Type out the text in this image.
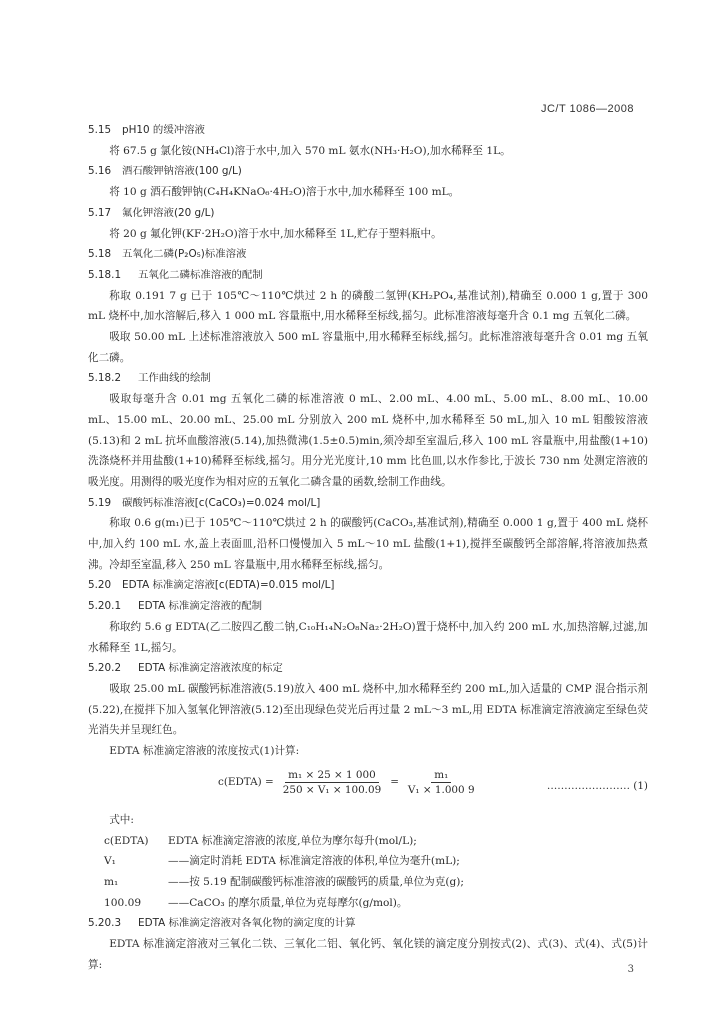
JC/T 1086—2008

5.15 pH10 的缓冲溶液

将 67.5 g 氯化铵(NH₄Cl)溶于水中,加入 570 mL 氨水(NH₃·H₂O),加水稀释至 1L。

5.16 酒石酸钾钠溶液(100 g/L)

将 10 g 酒石酸钾钠(C₄H₄KNaO₆·4H₂O)溶于水中,加水稀释至 100 mL。

5.17 氟化钾溶液(20 g/L)

将 20 g 氟化钾(KF·2H₂O)溶于水中,加水稀释至 1L,贮存于塑料瓶中。

5.18 五氧化二磷(P₂O₅)标准溶液

5.18.1 五氧化二磷标准溶液的配制

称取 0.191 7 g 已于 105℃～110℃烘过 2 h 的磷酸二氢钾(KH₂PO₄,基准试剂),精确至 0.000 1 g,置于 300 mL 烧杯中,加水溶解后,移入 1 000 mL 容量瓶中,用水稀释至标线,摇匀。此标准溶液每毫升含 0.1 mg 五氧化二磷。

吸取 50.00 mL 上述标准溶液放入 500 mL 容量瓶中,用水稀释至标线,摇匀。此标准溶液每毫升含 0.01 mg 五氧化二磷。

5.18.2 工作曲线的绘制

吸取每毫升含 0.01 mg 五氧化二磷的标准溶液 0 mL、2.00 mL、4.00 mL、5.00 mL、8.00 mL、10.00 mL、15.00 mL、20.00 mL、25.00 mL 分别放入 200 mL 烧杯中,加水稀释至 50 mL,加入 10 mL 钼酸铵溶液(5.13)和 2 mL 抗坏血酸溶液(5.14),加热微沸(1.5±0.5)min,须冷却至室温后,移入 100 mL 容量瓶中,用盐酸(1+10)洗涤烧杯并用盐酸(1+10)稀释至标线,摇匀。用分光光度计,10 mm 比色皿,以水作参比,于波长 730 nm 处测定溶液的吸光度。用测得的吸光度作为相对应的五氧化二磷含量的函数,绘制工作曲线。

5.19 碳酸钙标准溶液[c(CaCO₃)=0.024 mol/L]

称取 0.6 g(m₁)已于 105℃～110℃烘过 2 h 的碳酸钙(CaCO₃,基准试剂),精确至 0.000 1 g,置于 400 mL 烧杯中,加入约 100 mL 水,盖上表面皿,沿杯口慢慢加入 5 mL～10 mL 盐酸(1+1),搅拌至碳酸钙全部溶解,将溶液加热煮沸。冷却至室温,移入 250 mL 容量瓶中,用水稀释至标线,摇匀。

5.20 EDTA 标准滴定溶液[c(EDTA)=0.015 mol/L]

5.20.1 EDTA 标准滴定溶液的配制

称取约 5.6 g EDTA(乙二胺四乙酸二钠,C₁₀H₁₄N₂O₈Na₂·2H₂O)置于烧杯中,加入约 200 mL 水,加热溶解,过滤,加水稀释至 1L,摇匀。

5.20.2 EDTA 标准滴定溶液浓度的标定

吸取 25.00 mL 碳酸钙标准溶液(5.19)放入 400 mL 烧杯中,加水稀释至约 200 mL,加入适量的 CMP 混合指示剂(5.22),在搅拌下加入氢氧化钾溶液(5.12)至出现绿色荧光后再过量 2 mL～3 mL,用 EDTA 标准滴定溶液滴定至绿色荧光消失并呈现红色。

EDTA 标准滴定溶液的浓度按式(1)计算:

c(EDTA) = $\frac{\text{m₁ × 25 × 1 000}}{\text{250 × V₁ × 100.09}} = \frac{\text{m₁}}{\text{V₁ × 1.000 9}}$	…………………… (1)

式中:

c(EDTA)	EDTA 标准滴定溶液的浓度,单位为摩尔每升(mol/L);
V₁	——滴定时消耗 EDTA 标准滴定溶液的体积,单位为毫升(mL);
m₁	——按 5.19 配制碳酸钙标准溶液的碳酸钙的质量,单位为克(g);
100.09	——CaCO₃ 的摩尔质量,单位为克每摩尔(g/mol)。

5.20.3 EDTA 标准滴定溶液对各氧化物的滴定度的计算

EDTA 标准滴定溶液对三氧化二铁、三氧化二铝、氧化钙、氧化镁的滴定度分别按式(2)、式(3)、式(4)、式(5)计算:	3
